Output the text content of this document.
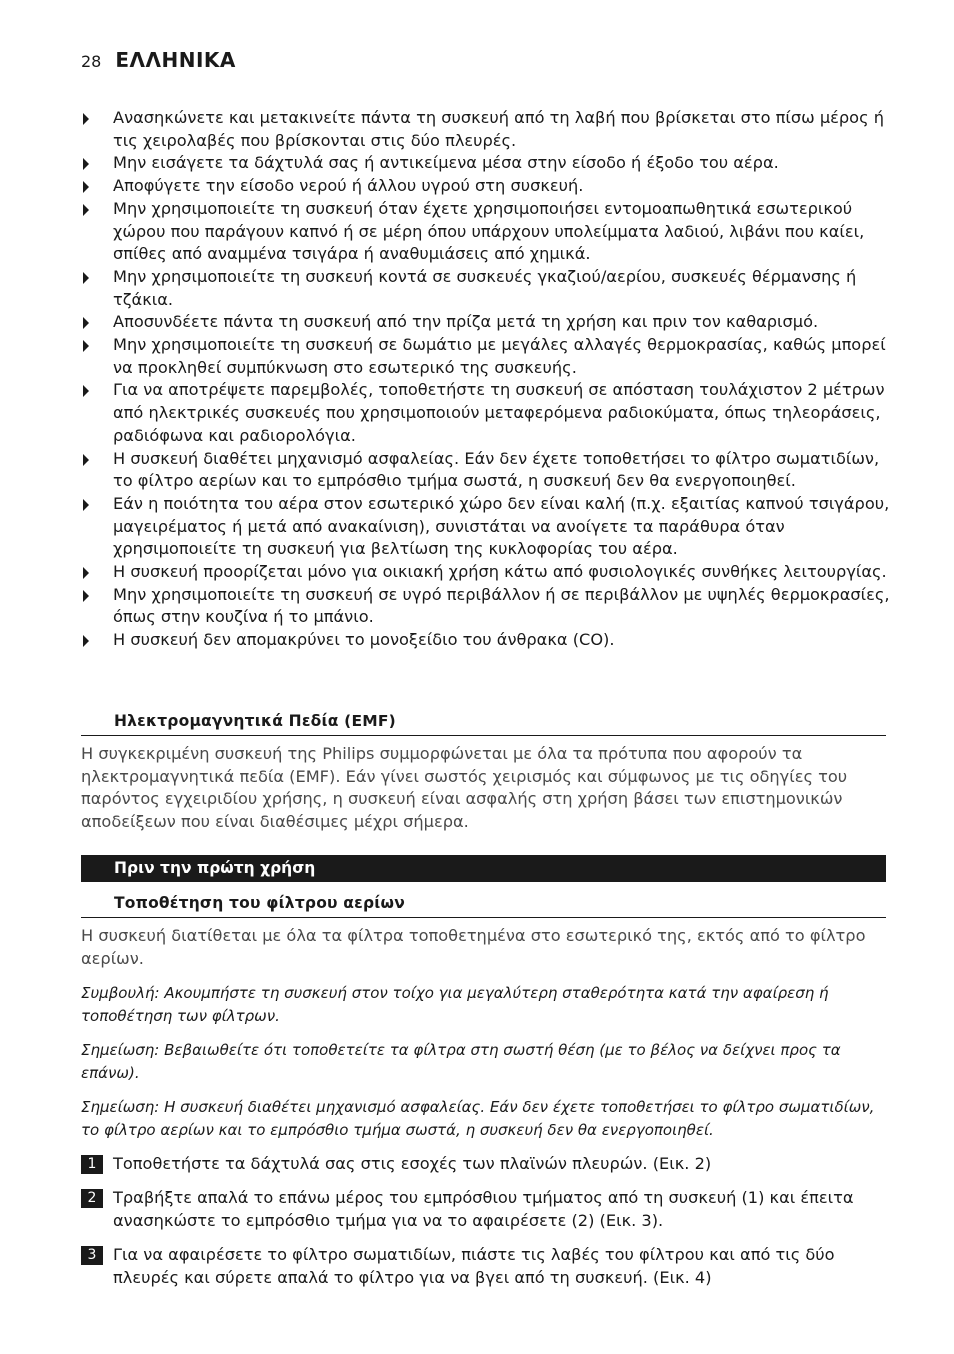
28 ΕΛΛΗΝΙΚΑ
Ανασηκώνετε και μετακινείτε πάντα τη συσκευή από τη λαβή που βρίσκεται στο πίσω μέρος ή τις χειρολαβές που βρίσκονται στις δύο πλευρές.
Μην εισάγετε τα δάχτυλά σας ή αντικείμενα μέσα στην είσοδο ή έξοδο του αέρα.
Αποφύγετε την είσοδο νερού ή άλλου υγρού στη συσκευή.
Μην χρησιμοποιείτε τη συσκευή όταν έχετε χρησιμοποιήσει εντομοαπωθητικά εσωτερικού χώρου που παράγουν καπνό ή σε μέρη όπου υπάρχουν υπολείμματα λαδιού, λιβάνι που καίει, σπίθες από αναμμένα τσιγάρα ή αναθυμιάσεις από χημικά.
Μην χρησιμοποιείτε τη συσκευή κοντά σε συσκευές γκαζιού/αερίου, συσκευές θέρμανσης ή τζάκια.
Αποσυνδέετε πάντα τη συσκευή από την πρίζα μετά τη χρήση και πριν τον καθαρισμό.
Μην χρησιμοποιείτε τη συσκευή σε δωμάτιο με μεγάλες αλλαγές θερμοκρασίας, καθώς μπορεί να προκληθεί συμπύκνωση στο εσωτερικό της συσκευής.
Για να αποτρέψετε παρεμβολές, τοποθετήστε τη συσκευή σε απόσταση τουλάχιστον 2 μέτρων από ηλεκτρικές συσκευές που χρησιμοποιούν μεταφερόμενα ραδιοκύματα, όπως τηλεοράσεις, ραδιόφωνα και ραδιορολόγια.
Η συσκευή διαθέτει μηχανισμό ασφαλείας. Εάν δεν έχετε τοποθετήσει το φίλτρο σωματιδίων, το φίλτρο αερίων και το εμπρόσθιο τμήμα σωστά, η συσκευή δεν θα ενεργοποιηθεί.
Εάν η ποιότητα του αέρα στον εσωτερικό χώρο δεν είναι καλή (π.χ. εξαιτίας καπνού τσιγάρου, μαγειρέματος ή μετά από ανακαίνιση), συνιστάται να ανοίγετε τα παράθυρα όταν χρησιμοποιείτε τη συσκευή για βελτίωση της κυκλοφορίας του αέρα.
Η συσκευή προορίζεται μόνο για οικιακή χρήση κάτω από φυσιολογικές συνθήκες λειτουργίας.
Μην χρησιμοποιείτε τη συσκευή σε υγρό περιβάλλον ή σε περιβάλλον με υψηλές θερμοκρασίες, όπως στην κουζίνα ή το μπάνιο.
Η συσκευή δεν απομακρύνει το μονοξείδιο του άνθρακα (CO).
Ηλεκτρομαγνητικά Πεδία (EMF)
Η συγκεκριμένη συσκευή της Philips συμμορφώνεται με όλα τα πρότυπα που αφορούν τα ηλεκτρομαγνητικά πεδία (EMF). Εάν γίνει σωστός χειρισμός και σύμφωνος με τις οδηγίες του παρόντος εγχειριδίου χρήσης, η συσκευή είναι ασφαλής στη χρήση βάσει των επιστημονικών αποδείξεων που είναι διαθέσιμες μέχρι σήμερα.
Πριν την πρώτη χρήση
Τοποθέτηση του φίλτρου αερίων
Η συσκευή διατίθεται με όλα τα φίλτρα τοποθετημένα στο εσωτερικό της, εκτός από το φίλτρο αερίων.
Συμβουλή: Ακουμπήστε τη συσκευή στον τοίχο για μεγαλύτερη σταθερότητα κατά την αφαίρεση ή τοποθέτηση των φίλτρων.
Σημείωση: Βεβαιωθείτε ότι τοποθετείτε τα φίλτρα στη σωστή θέση (με το βέλος να δείχνει προς τα επάνω).
Σημείωση: Η συσκευή διαθέτει μηχανισμό ασφαλείας. Εάν δεν έχετε τοποθετήσει το φίλτρο σωματιδίων, το φίλτρο αερίων και το εμπρόσθιο τμήμα σωστά, η συσκευή δεν θα ενεργοποιηθεί.
1	Τοποθετήστε τα δάχτυλά σας στις εσοχές των πλαϊνών πλευρών. (Εικ. 2)
2	Τραβήξτε απαλά το επάνω μέρος του εμπρόσθιου τμήματος από τη συσκευή (1) και έπειτα ανασηκώστε το εμπρόσθιο τμήμα για να το αφαιρέσετε (2) (Εικ. 3).
3	Για να αφαιρέσετε το φίλτρο σωματιδίων, πιάστε τις λαβές του φίλτρου και από τις δύο πλευρές και σύρετε απαλά το φίλτρο για να βγει από τη συσκευή. (Εικ. 4)
